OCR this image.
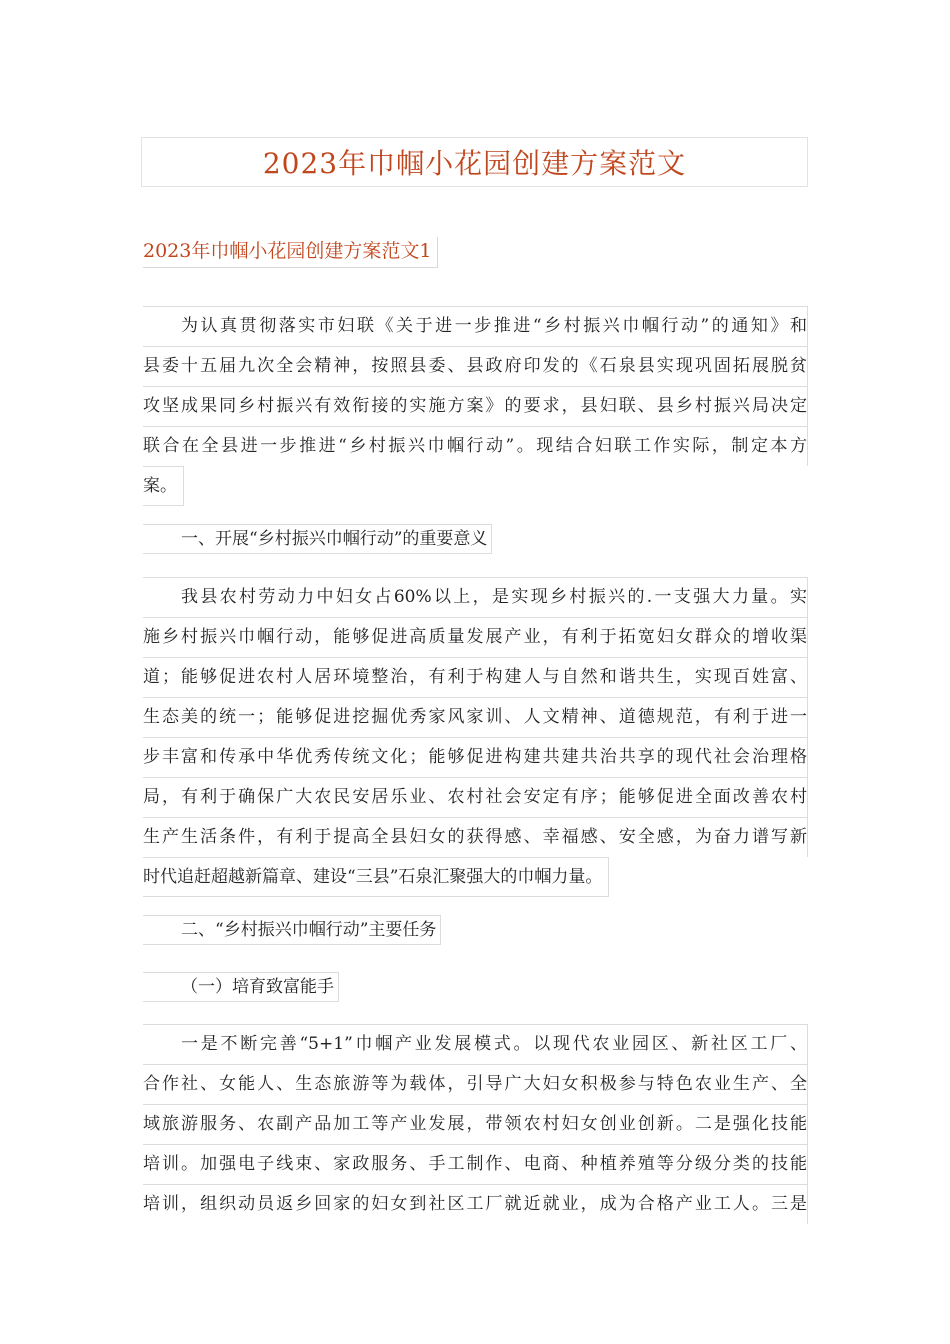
2023年巾帼小花园创建方案范文
2023年巾帼小花园创建方案范文1
为认真贯彻落实市妇联《关于进一步推进“乡村振兴巾帼行动”的通知》和
县委十五届九次全会精神，按照县委、县政府印发的《石泉县实现巩固拓展脱贫
攻坚成果同乡村振兴有效衔接的实施方案》的要求，县妇联、县乡村振兴局决定
联合在全县进一步推进“乡村振兴巾帼行动”。现结合妇联工作实际，制定本方
案。
一、开展“乡村振兴巾帼行动”的重要意义
我县农村劳动力中妇女占60%以上，是实现乡村振兴的.一支强大力量。实
施乡村振兴巾帼行动，能够促进高质量发展产业，有利于拓宽妇女群众的增收渠
道；能够促进农村人居环境整治，有利于构建人与自然和谐共生，实现百姓富、
生态美的统一；能够促进挖掘优秀家风家训、人文精神、道德规范，有利于进一
步丰富和传承中华优秀传统文化；能够促进构建共建共治共享的现代社会治理格
局，有利于确保广大农民安居乐业、农村社会安定有序；能够促进全面改善农村
生产生活条件，有利于提高全县妇女的获得感、幸福感、安全感，为奋力谱写新
时代追赶超越新篇章、建设“三县”石泉汇聚强大的巾帼力量。
二、“乡村振兴巾帼行动”主要任务
（一）培育致富能手
一是不断完善“5+1”巾帼产业发展模式。以现代农业园区、新社区工厂、
合作社、女能人、生态旅游等为载体，引导广大妇女积极参与特色农业生产、全
域旅游服务、农副产品加工等产业发展，带领农村妇女创业创新。二是强化技能
培训。加强电子线束、家政服务、手工制作、电商、种植养殖等分级分类的技能
培训，组织动员返乡回家的妇女到社区工厂就近就业，成为合格产业工人。三是
